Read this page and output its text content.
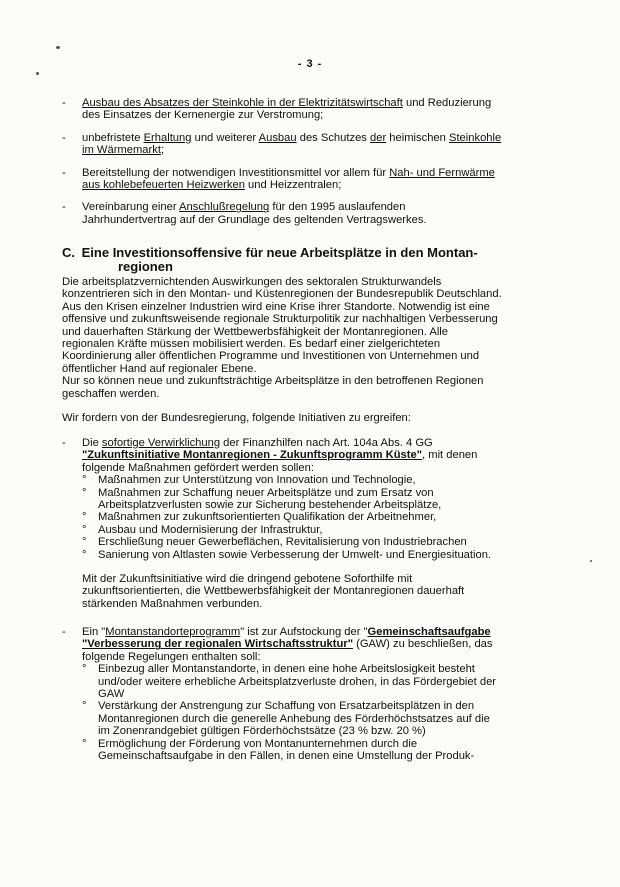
- 3 -
- Ausbau des Absatzes der Steinkohle in der Elektrizitätswirtschaft und Reduzierung des Einsatzes der Kernenergie zur Verstromung;
- unbefristete Erhaltung und weiterer Ausbau des Schutzes der heimischen Steinkohle im Wärmemarkt;
- Bereitstellung der notwendigen Investitionsmittel vor allem für Nah- und Fernwärme aus kohlebefeuerten Heizwerken und Heizzentralen;
- Vereinbarung einer Anschlußregelung für den 1995 auslaufenden Jahrhundertvertrag auf der Grundlage des geltenden Vertragswerkes.
C. Eine Investitionsoffensive für neue Arbeitsplätze in den Montan-
regionen
Die arbeitsplatzvernichtenden Auswirkungen des sektoralen Strukturwandels konzentrieren sich in den Montan- und Küstenregionen der Bundesrepublik Deutschland. Aus den Krisen einzelner Industrien wird eine Krise ihrer Standorte. Notwendig ist eine offensive und zukunftsweisende regionale Strukturpolitik zur nachhaltigen Verbesserung und dauerhaften Stärkung der Wettbewerbsfähigkeit der Montanregionen. Alle regionalen Kräfte müssen mobilisiert werden. Es bedarf einer zielgerichteten Koordinierung aller öffentlichen Programme und Investitionen von Unternehmen und öffentlicher Hand auf regionaler Ebene.
Nur so können neue und zukunftsträchtige Arbeitsplätze in den betroffenen Regionen geschaffen werden.
Wir fordern von der Bundesregierung, folgende Initiativen zu ergreifen:
- Die sofortige Verwirklichung der Finanzhilfen nach Art. 104a Abs. 4 GG "Zukunftsinitiative Montanregionen - Zukunftsprogramm Küste", mit denen folgende Maßnahmen gefördert werden sollen:
° Maßnahmen zur Unterstützung von Innovation und Technologie,
° Maßnahmen zur Schaffung neuer Arbeitsplätze und zum Ersatz von Arbeitsplatzverlusten sowie zur Sicherung bestehender Arbeitsplätze,
° Maßnahmen zur zukunftsorientierten Qualifikation der Arbeitnehmer,
° Ausbau und Modernisierung der Infrastruktur,
° Erschließung neuer Gewerbeflächen, Revitalisierung von Industriebrachen
° Sanierung von Altlasten sowie Verbesserung der Umwelt- und Energiesituation.
Mit der Zukunftsinitiative wird die dringend gebotene Soforthilfe mit zukunftsorientierten, die Wettbewerbsfähigkeit der Montanregionen dauerhaft stärkenden Maßnahmen verbunden.
- Ein "Montanstandorteprogramm" ist zur Aufstockung der "Gemeinschaftsaufgabe "Verbesserung der regionalen Wirtschaftsstruktur" (GAW) zu beschließen, das folgende Regelungen enthalten soll:
° Einbezug aller Montanstandorte, in denen eine hohe Arbeitslosigkeit besteht und/oder weitere erhebliche Arbeitsplatzverluste drohen, in das Fördergebiet der GAW
° Verstärkung der Anstrengung zur Schaffung von Ersatzarbeitsplätzen in den Montanregionen durch die generelle Anhebung des Förderhöchstsatzes auf die im Zonenrandgebiet gültigen Förderhöchstsätze (23 % bzw. 20 %)
° Ermöglichung der Förderung von Montanunternehmen durch die Gemeinschaftsaufgabe in den Fällen, in denen eine Umstellung der Produk-
